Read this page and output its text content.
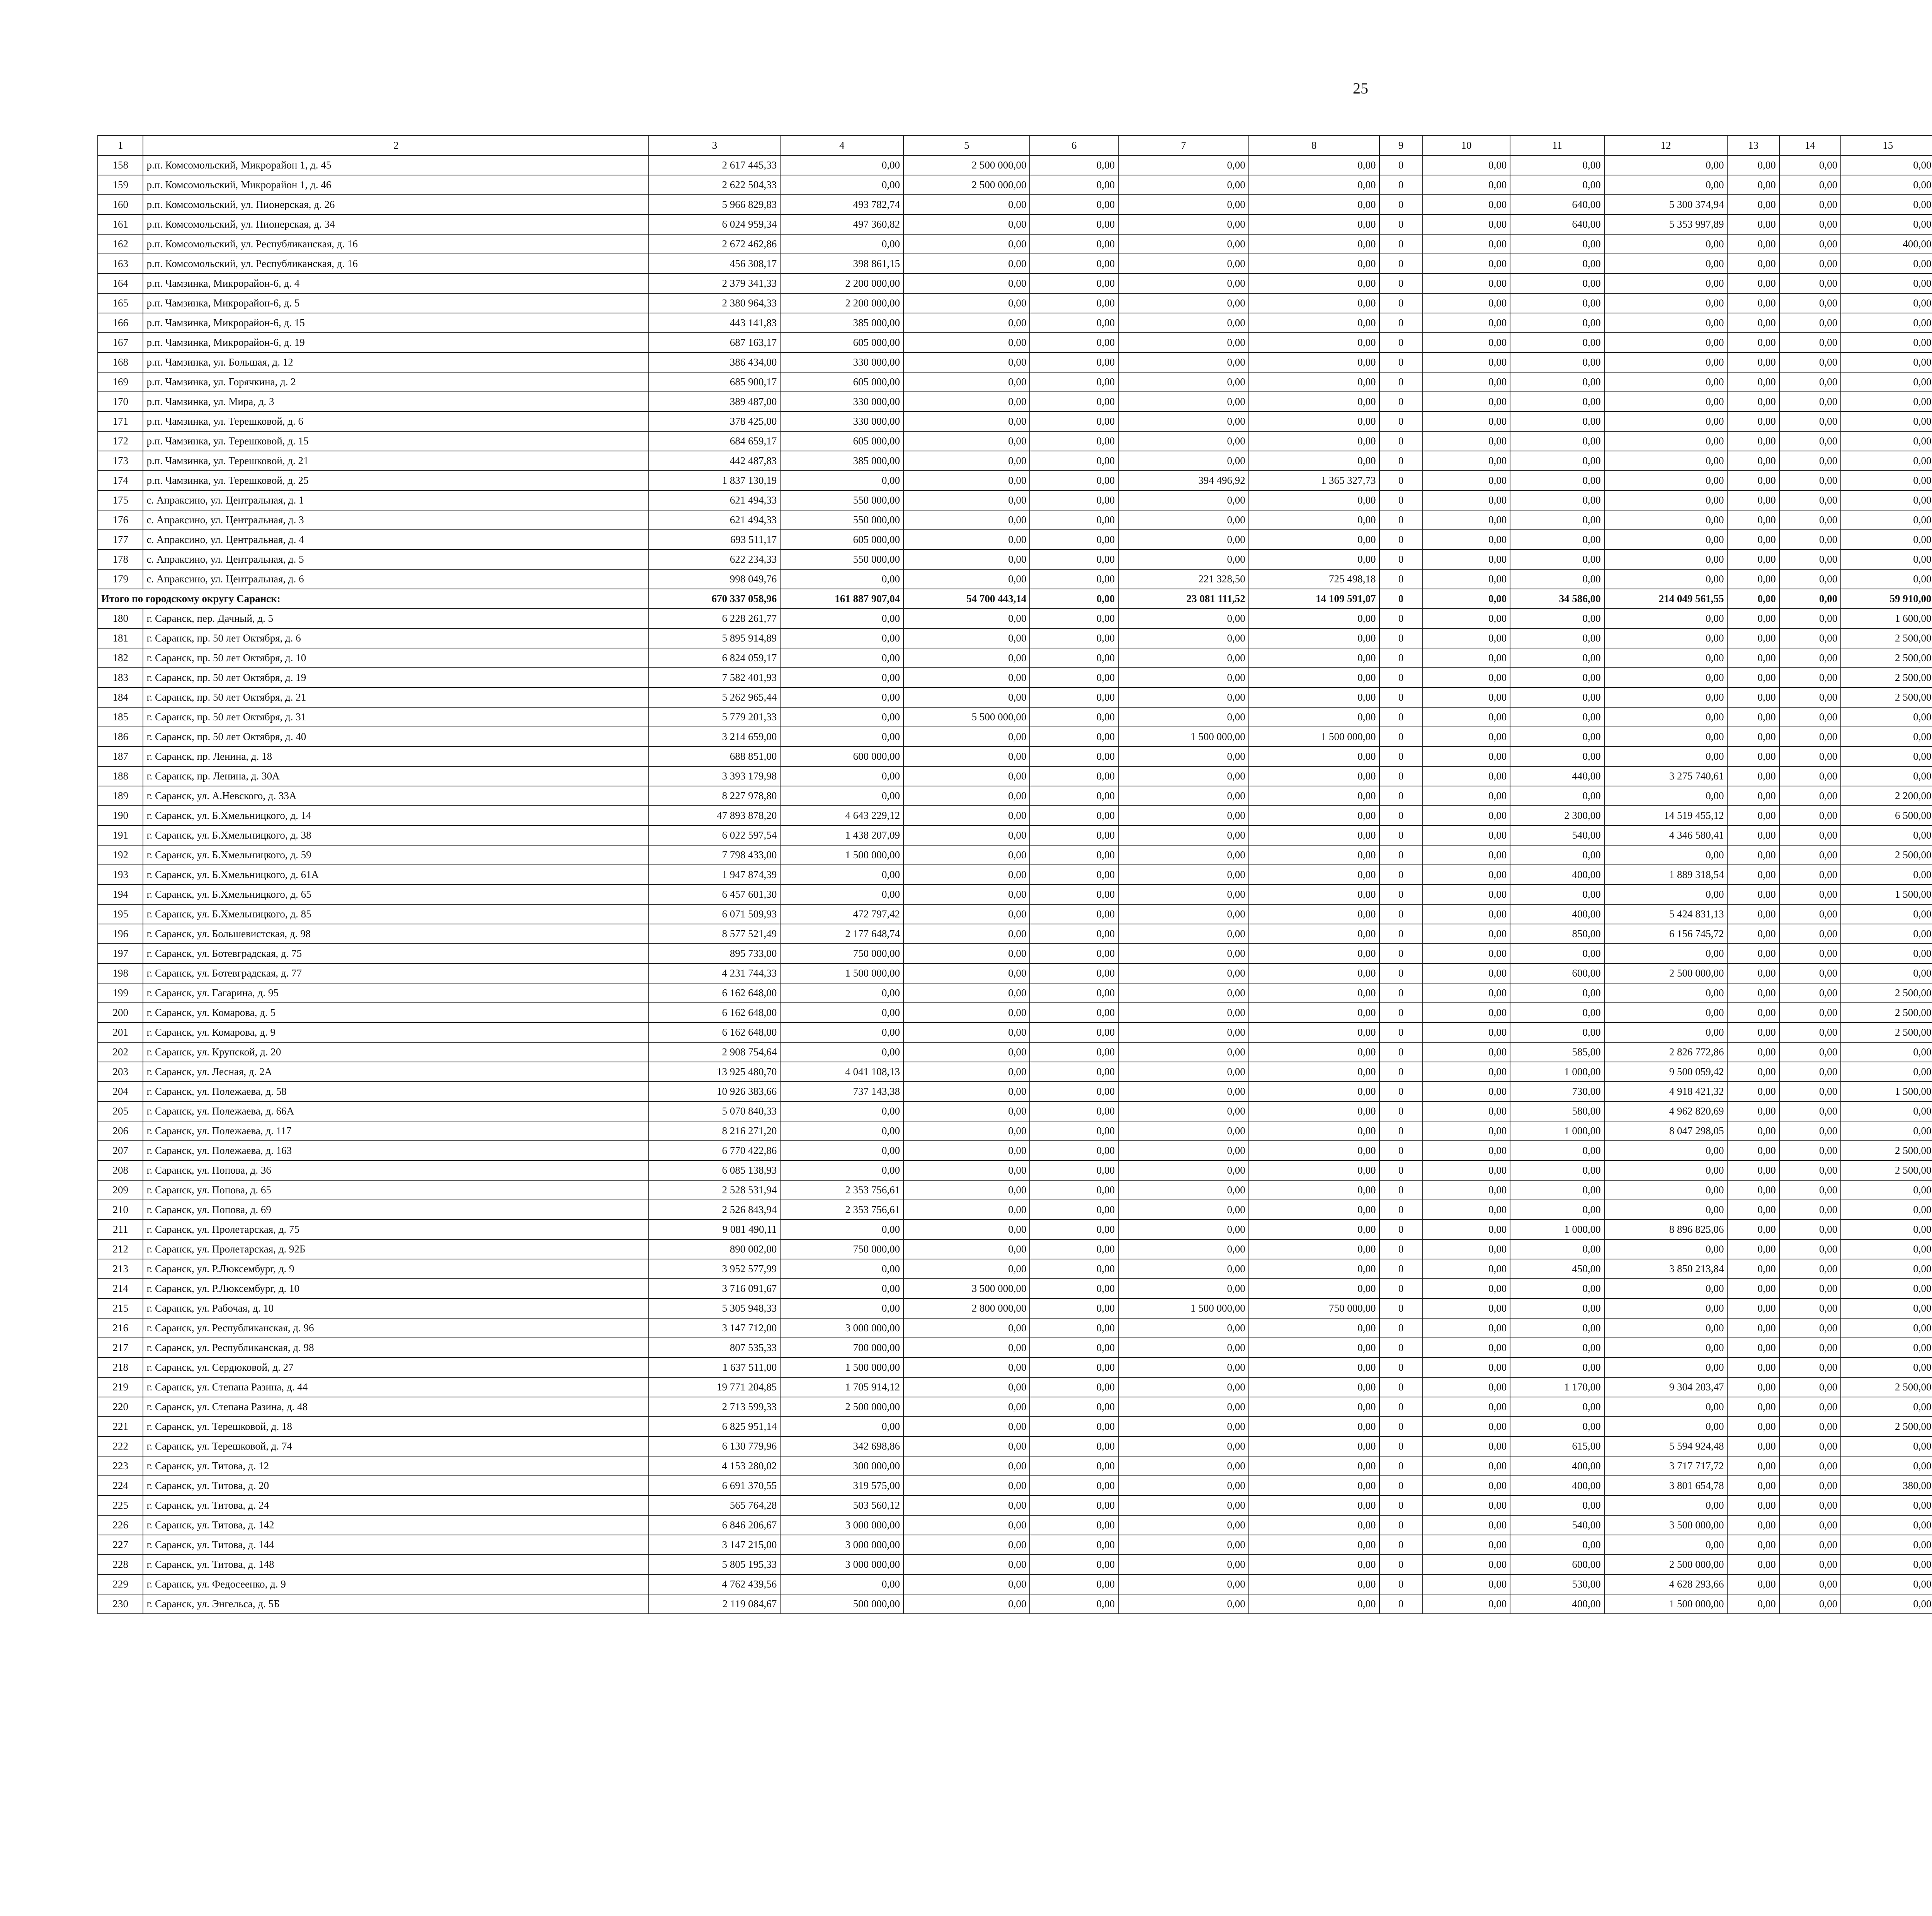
25
1	2	3	4	5	6	7	8	9	10	11	12	13	14	15						
158	р.п. Комсомольский, Микрорайон 1, д. 45	2 617 445,33	0,00	2 500 000,00	0,00	0,00	0,00	0	0,00	0,00	0,00	0,00	0,00	0,00						
159	р.п. Комсомольский, Микрорайон 1, д. 46	2 622 504,33	0,00	2 500 000,00	0,00	0,00	0,00	0	0,00	0,00	0,00	0,00	0,00	0,00						
160	р.п. Комсомольский, ул. Пионерская, д. 26	5 966 829,83	493 782,74	0,00	0,00	0,00	0,00	0	0,00	640,00	5 300 374,94	0,00	0,00	0,00						
161	р.п. Комсомольский, ул. Пионерская, д. 34	6 024 959,34	497 360,82	0,00	0,00	0,00	0,00	0	0,00	640,00	5 353 997,89	0,00	0,00	0,00						
162	р.п. Комсомольский, ул. Республиканская, д. 16	2 672 462,86	0,00	0,00	0,00	0,00	0,00	0	0,00	0,00	0,00	0,00	0,00	400,00						
163	р.п. Комсомольский, ул. Республиканская, д. 16	456 308,17	398 861,15	0,00	0,00	0,00	0,00	0	0,00	0,00	0,00	0,00	0,00	0,00						
164	р.п. Чамзинка, Микрорайон-6, д. 4	2 379 341,33	2 200 000,00	0,00	0,00	0,00	0,00	0	0,00	0,00	0,00	0,00	0,00	0,00						
165	р.п. Чамзинка, Микрорайон-6, д. 5	2 380 964,33	2 200 000,00	0,00	0,00	0,00	0,00	0	0,00	0,00	0,00	0,00	0,00	0,00						
166	р.п. Чамзинка, Микрорайон-6, д. 15	443 141,83	385 000,00	0,00	0,00	0,00	0,00	0	0,00	0,00	0,00	0,00	0,00	0,00						
167	р.п. Чамзинка, Микрорайон-6, д. 19	687 163,17	605 000,00	0,00	0,00	0,00	0,00	0	0,00	0,00	0,00	0,00	0,00	0,00						
168	р.п. Чамзинка, ул. Большая, д. 12	386 434,00	330 000,00	0,00	0,00	0,00	0,00	0	0,00	0,00	0,00	0,00	0,00	0,00						
169	р.п. Чамзинка, ул. Горячкина, д. 2	685 900,17	605 000,00	0,00	0,00	0,00	0,00	0	0,00	0,00	0,00	0,00	0,00	0,00						
170	р.п. Чамзинка, ул. Мира, д. 3	389 487,00	330 000,00	0,00	0,00	0,00	0,00	0	0,00	0,00	0,00	0,00	0,00	0,00						
171	р.п. Чамзинка, ул. Терешковой, д. 6	378 425,00	330 000,00	0,00	0,00	0,00	0,00	0	0,00	0,00	0,00	0,00	0,00	0,00						
172	р.п. Чамзинка, ул. Терешковой, д. 15	684 659,17	605 000,00	0,00	0,00	0,00	0,00	0	0,00	0,00	0,00	0,00	0,00	0,00						
173	р.п. Чамзинка, ул. Терешковой, д. 21	442 487,83	385 000,00	0,00	0,00	0,00	0,00	0	0,00	0,00	0,00	0,00	0,00	0,00						
174	р.п. Чамзинка, ул. Терешковой, д. 25	1 837 130,19	0,00	0,00	0,00	394 496,92	1 365 327,73	0	0,00	0,00	0,00	0,00	0,00	0,00						
175	с. Апраксино, ул. Центральная, д. 1	621 494,33	550 000,00	0,00	0,00	0,00	0,00	0	0,00	0,00	0,00	0,00	0,00	0,00						
176	с. Апраксино, ул. Центральная, д. 3	621 494,33	550 000,00	0,00	0,00	0,00	0,00	0	0,00	0,00	0,00	0,00	0,00	0,00						
177	с. Апраксино, ул. Центральная, д. 4	693 511,17	605 000,00	0,00	0,00	0,00	0,00	0	0,00	0,00	0,00	0,00	0,00	0,00						
178	с. Апраксино, ул. Центральная, д. 5	622 234,33	550 000,00	0,00	0,00	0,00	0,00	0	0,00	0,00	0,00	0,00	0,00	0,00						
179	с. Апраксино, ул. Центральная, д. 6	998 049,76	0,00	0,00	0,00	221 328,50	725 498,18	0	0,00	0,00	0,00	0,00	0,00	0,00						
Итого по городскому округу Саранск:		670 337 058,96	161 887 907,04	54 700 443,14	0,00	23 081 111,52	14 109 591,07	0	0,00	34 586,00	214 049 561,55	0,00	0,00	59 910,00						
180	г. Саранск, пер. Дачный, д. 5	6 228 261,77	0,00	0,00	0,00	0,00	0,00	0	0,00	0,00	0,00	0,00	0,00	1 600,00						
181	г. Саранск, пр. 50 лет Октября, д. 6	5 895 914,89	0,00	0,00	0,00	0,00	0,00	0	0,00	0,00	0,00	0,00	0,00	2 500,00						
182	г. Саранск, пр. 50 лет Октября, д. 10	6 824 059,17	0,00	0,00	0,00	0,00	0,00	0	0,00	0,00	0,00	0,00	0,00	2 500,00						
183	г. Саранск, пр. 50 лет Октября, д. 19	7 582 401,93	0,00	0,00	0,00	0,00	0,00	0	0,00	0,00	0,00	0,00	0,00	2 500,00						
184	г. Саранск, пр. 50 лет Октября, д. 21	5 262 965,44	0,00	0,00	0,00	0,00	0,00	0	0,00	0,00	0,00	0,00	0,00	2 500,00						
185	г. Саранск, пр. 50 лет Октября, д. 31	5 779 201,33	0,00	5 500 000,00	0,00	0,00	0,00	0	0,00	0,00	0,00	0,00	0,00	0,00						
186	г. Саранск, пр. 50 лет Октября, д. 40	3 214 659,00	0,00	0,00	0,00	1 500 000,00	1 500 000,00	0	0,00	0,00	0,00	0,00	0,00	0,00						
187	г. Саранск, пр. Ленина, д. 18	688 851,00	600 000,00	0,00	0,00	0,00	0,00	0	0,00	0,00	0,00	0,00	0,00	0,00						
188	г. Саранск, пр. Ленина, д. 30А	3 393 179,98	0,00	0,00	0,00	0,00	0,00	0	0,00	440,00	3 275 740,61	0,00	0,00	0,00						
189	г. Саранск, ул. А.Невского, д. 33А	8 227 978,80	0,00	0,00	0,00	0,00	0,00	0	0,00	0,00	0,00	0,00	0,00	2 200,00						
190	г. Саранск, ул. Б.Хмельницкого, д. 14	47 893 878,20	4 643 229,12	0,00	0,00	0,00	0,00	0	0,00	2 300,00	14 519 455,12	0,00	0,00	6 500,00						
191	г. Саранск, ул. Б.Хмельницкого, д. 38	6 022 597,54	1 438 207,09	0,00	0,00	0,00	0,00	0	0,00	540,00	4 346 580,41	0,00	0,00	0,00						
192	г. Саранск, ул. Б.Хмельницкого, д. 59	7 798 433,00	1 500 000,00	0,00	0,00	0,00	0,00	0	0,00	0,00	0,00	0,00	0,00	2 500,00						
193	г. Саранск, ул. Б.Хмельницкого, д. 61А	1 947 874,39	0,00	0,00	0,00	0,00	0,00	0	0,00	400,00	1 889 318,54	0,00	0,00	0,00						
194	г. Саранск, ул. Б.Хмельницкого, д. 65	6 457 601,30	0,00	0,00	0,00	0,00	0,00	0	0,00	0,00	0,00	0,00	0,00	1 500,00						
195	г. Саранск, ул. Б.Хмельницкого, д. 85	6 071 509,93	472 797,42	0,00	0,00	0,00	0,00	0	0,00	400,00	5 424 831,13	0,00	0,00	0,00						
196	г. Саранск, ул. Большевистская, д. 98	8 577 521,49	2 177 648,74	0,00	0,00	0,00	0,00	0	0,00	850,00	6 156 745,72	0,00	0,00	0,00						
197	г. Саранск, ул. Ботевградская, д. 75	895 733,00	750 000,00	0,00	0,00	0,00	0,00	0	0,00	0,00	0,00	0,00	0,00	0,00						
198	г. Саранск, ул. Ботевградская, д. 77	4 231 744,33	1 500 000,00	0,00	0,00	0,00	0,00	0	0,00	600,00	2 500 000,00	0,00	0,00	0,00						
199	г. Саранск, ул. Гагарина, д. 95	6 162 648,00	0,00	0,00	0,00	0,00	0,00	0	0,00	0,00	0,00	0,00	0,00	2 500,00						
200	г. Саранск, ул. Комарова, д. 5	6 162 648,00	0,00	0,00	0,00	0,00	0,00	0	0,00	0,00	0,00	0,00	0,00	2 500,00						
201	г. Саранск, ул. Комарова, д. 9	6 162 648,00	0,00	0,00	0,00	0,00	0,00	0	0,00	0,00	0,00	0,00	0,00	2 500,00						
202	г. Саранск, ул. Крупской, д. 20	2 908 754,64	0,00	0,00	0,00	0,00	0,00	0	0,00	585,00	2 826 772,86	0,00	0,00	0,00						
203	г. Саранск, ул. Лесная, д. 2А	13 925 480,70	4 041 108,13	0,00	0,00	0,00	0,00	0	0,00	1 000,00	9 500 059,42	0,00	0,00	0,00						
204	г. Саранск, ул. Полежаева, д. 58	10 926 383,66	737 143,38	0,00	0,00	0,00	0,00	0	0,00	730,00	4 918 421,32	0,00	0,00	1 500,00						
205	г. Саранск, ул. Полежаева, д. 66А	5 070 840,33	0,00	0,00	0,00	0,00	0,00	0	0,00	580,00	4 962 820,69	0,00	0,00	0,00						
206	г. Саранск, ул. Полежаева, д. 117	8 216 271,20	0,00	0,00	0,00	0,00	0,00	0	0,00	1 000,00	8 047 298,05	0,00	0,00	0,00						
207	г. Саранск, ул. Полежаева, д. 163	6 770 422,86	0,00	0,00	0,00	0,00	0,00	0	0,00	0,00	0,00	0,00	0,00	2 500,00						
208	г. Саранск, ул. Попова, д. 36	6 085 138,93	0,00	0,00	0,00	0,00	0,00	0	0,00	0,00	0,00	0,00	0,00	2 500,00						
209	г. Саранск, ул. Попова, д. 65	2 528 531,94	2 353 756,61	0,00	0,00	0,00	0,00	0	0,00	0,00	0,00	0,00	0,00	0,00						
210	г. Саранск, ул. Попова, д. 69	2 526 843,94	2 353 756,61	0,00	0,00	0,00	0,00	0	0,00	0,00	0,00	0,00	0,00	0,00						
211	г. Саранск, ул. Пролетарская, д. 75	9 081 490,11	0,00	0,00	0,00	0,00	0,00	0	0,00	1 000,00	8 896 825,06	0,00	0,00	0,00						
212	г. Саранск, ул. Пролетарская, д. 92Б	890 002,00	750 000,00	0,00	0,00	0,00	0,00	0	0,00	0,00	0,00	0,00	0,00	0,00						
213	г. Саранск, ул. Р.Люксембург, д. 9	3 952 577,99	0,00	0,00	0,00	0,00	0,00	0	0,00	450,00	3 850 213,84	0,00	0,00	0,00						
214	г. Саранск, ул. Р.Люксембург, д. 10	3 716 091,67	0,00	3 500 000,00	0,00	0,00	0,00	0	0,00	0,00	0,00	0,00	0,00	0,00						
215	г. Саранск, ул. Рабочая, д. 10	5 305 948,33	0,00	2 800 000,00	0,00	1 500 000,00	750 000,00	0	0,00	0,00	0,00	0,00	0,00	0,00						
216	г. Саранск, ул. Республиканская, д. 96	3 147 712,00	3 000 000,00	0,00	0,00	0,00	0,00	0	0,00	0,00	0,00	0,00	0,00	0,00						
217	г. Саранск, ул. Республиканская, д. 98	807 535,33	700 000,00	0,00	0,00	0,00	0,00	0	0,00	0,00	0,00	0,00	0,00	0,00						
218	г. Саранск, ул. Сердюковой, д. 27	1 637 511,00	1 500 000,00	0,00	0,00	0,00	0,00	0	0,00	0,00	0,00	0,00	0,00	0,00						
219	г. Саранск, ул. Степана Разина, д. 44	19 771 204,85	1 705 914,12	0,00	0,00	0,00	0,00	0	0,00	1 170,00	9 304 203,47	0,00	0,00	2 500,00						
220	г. Саранск, ул. Степана Разина, д. 48	2 713 599,33	2 500 000,00	0,00	0,00	0,00	0,00	0	0,00	0,00	0,00	0,00	0,00	0,00						
221	г. Саранск, ул. Терешковой, д. 18	6 825 951,14	0,00	0,00	0,00	0,00	0,00	0	0,00	0,00	0,00	0,00	0,00	2 500,00						
222	г. Саранск, ул. Терешковой, д. 74	6 130 779,96	342 698,86	0,00	0,00	0,00	0,00	0	0,00	615,00	5 594 924,48	0,00	0,00	0,00						
223	г. Саранск, ул. Титова, д. 12	4 153 280,02	300 000,00	0,00	0,00	0,00	0,00	0	0,00	400,00	3 717 717,72	0,00	0,00	0,00						
224	г. Саранск, ул. Титова, д. 20	6 691 370,55	319 575,00	0,00	0,00	0,00	0,00	0	0,00	400,00	3 801 654,78	0,00	0,00	380,00						
225	г. Саранск, ул. Титова, д. 24	565 764,28	503 560,12	0,00	0,00	0,00	0,00	0	0,00	0,00	0,00	0,00	0,00	0,00						
226	г. Саранск, ул. Титова, д. 142	6 846 206,67	3 000 000,00	0,00	0,00	0,00	0,00	0	0,00	540,00	3 500 000,00	0,00	0,00	0,00						
227	г. Саранск, ул. Титова, д. 144	3 147 215,00	3 000 000,00	0,00	0,00	0,00	0,00	0	0,00	0,00	0,00	0,00	0,00	0,00						
228	г. Саранск, ул. Титова, д. 148	5 805 195,33	3 000 000,00	0,00	0,00	0,00	0,00	0	0,00	600,00	2 500 000,00	0,00	0,00	0,00						
229	г. Саранск, ул. Федосеенко, д. 9	4 762 439,56	0,00	0,00	0,00	0,00	0,00	0	0,00	530,00	4 628 293,66	0,00	0,00	0,00						
230	г. Саранск, ул. Энгельса, д. 5Б	2 119 084,67	500 000,00	0,00	0,00	0,00	0,00	0	0,00	400,00	1 500 000,00	0,00	0,00	0,00						
